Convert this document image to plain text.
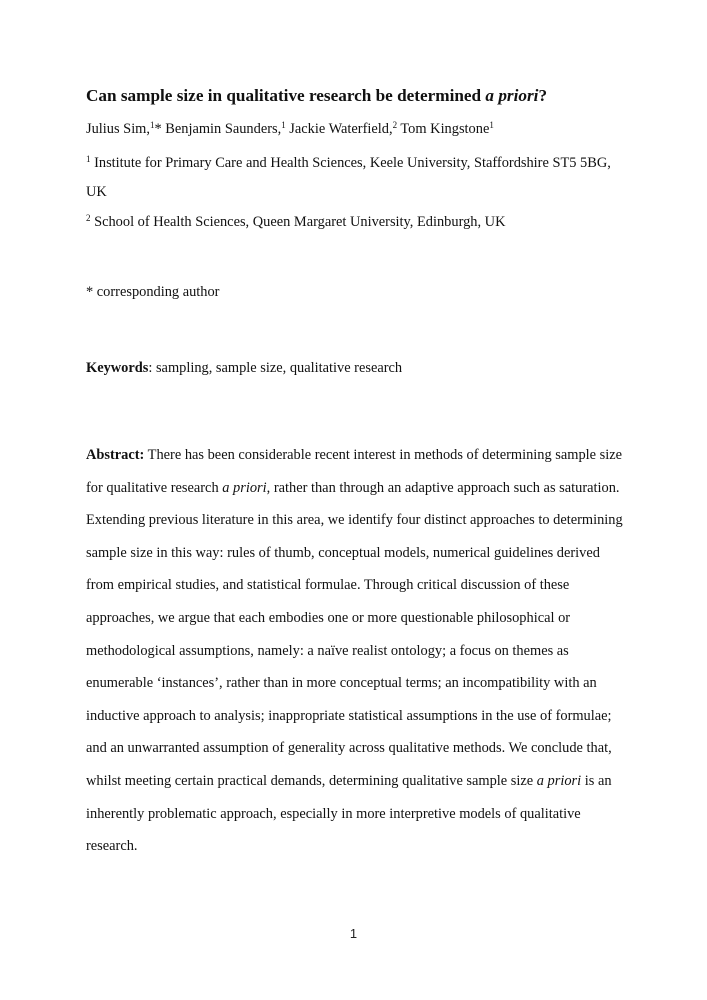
Can sample size in qualitative research be determined a priori?
Julius Sim,$^1$* Benjamin Saunders,$^1$ Jackie Waterfield,$^2$ Tom Kingstone$^1$
$^1$ Institute for Primary Care and Health Sciences, Keele University, Staffordshire ST5 5BG,
UK
$^2$ School of Health Sciences, Queen Margaret University, Edinburgh, UK
* corresponding author
Keywords: sampling, sample size, qualitative research
Abstract: There has been considerable recent interest in methods of determining sample size
for qualitative research a priori, rather than through an adaptive approach such as saturation.
Extending previous literature in this area, we identify four distinct approaches to determining
sample size in this way: rules of thumb, conceptual models, numerical guidelines derived
from empirical studies, and statistical formulae. Through critical discussion of these
approaches, we argue that each embodies one or more questionable philosophical or
methodological assumptions, namely: a naïve realist ontology; a focus on themes as
enumerable ‘instances’, rather than in more conceptual terms; an incompatibility with an
inductive approach to analysis; inappropriate statistical assumptions in the use of formulae;
and an unwarranted assumption of generality across qualitative methods. We conclude that,
whilst meeting certain practical demands, determining qualitative sample size a priori is an
inherently problematic approach, especially in more interpretive models of qualitative
research.
1
